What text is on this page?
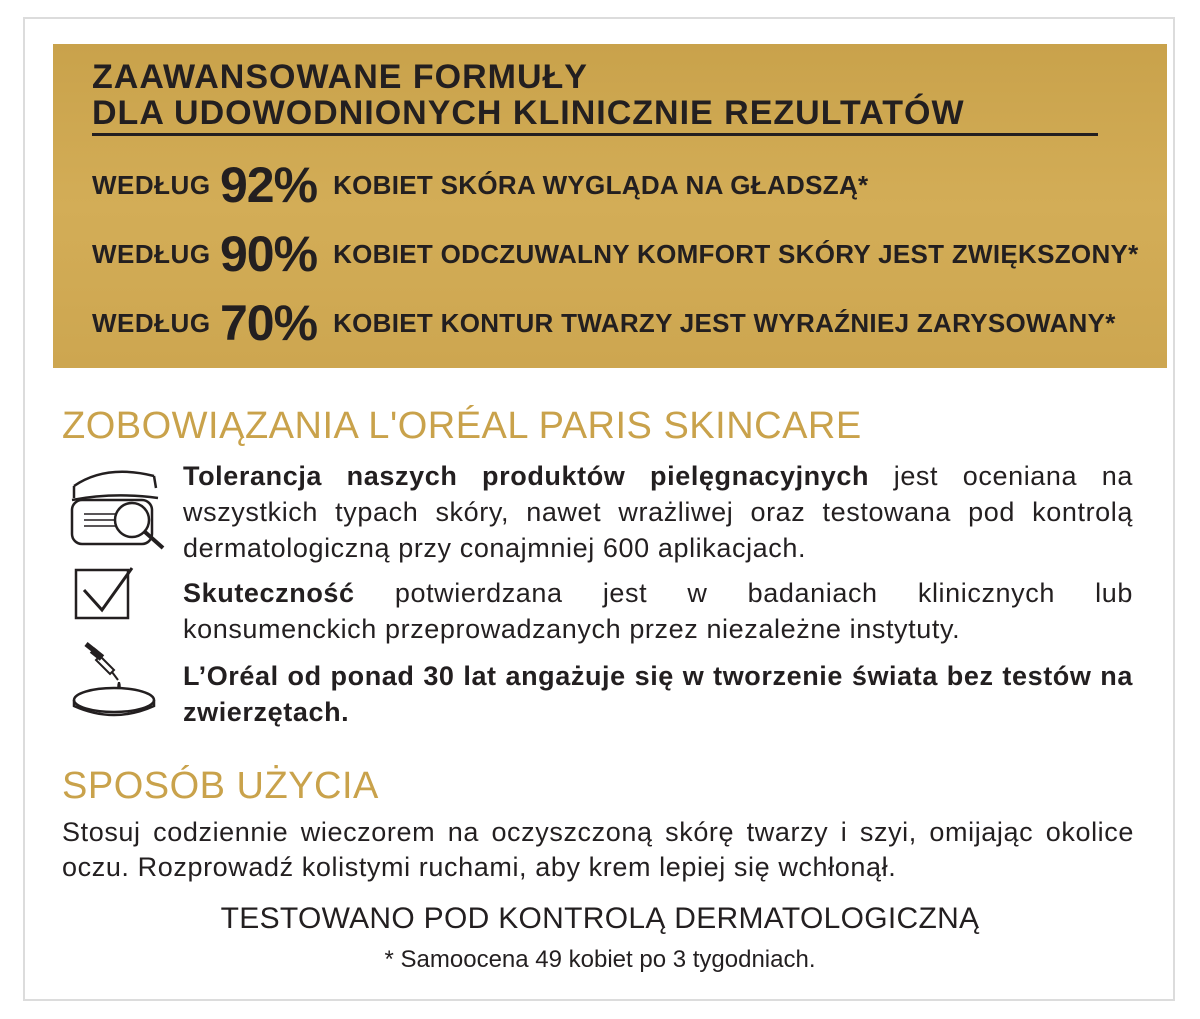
ZAAWANSOWANE FORMUŁY
DLA UDOWODNIONYCH KLINICZNIE REZULTATÓW
WEDŁUG 92% KOBIET SKÓRA WYGLĄDA NA GŁADSZĄ*
WEDŁUG 90% KOBIET ODCZUWALNY KOMFORT SKÓRY JEST ZWIĘKSZONY*
WEDŁUG 70% KOBIET KONTUR TWARZY JEST WYRAŹNIEJ ZARYSOWANY*
ZOBOWIĄZANIA L'ORÉAL PARIS SKINCARE
Tolerancja naszych produktów pielęgnacyjnych jest oceniana na wszystkich typach skóry, nawet wrażliwej oraz testowana pod kontrolą dermatologiczną przy conajmniej 600 aplikacjach.
Skuteczność potwierdzana jest w badaniach klinicznych lub konsumenckich przeprowadzanych przez niezależne instytuty.
L’Oréal od ponad 30 lat angażuje się w tworzenie świata bez testów na zwierzętach.
SPOSÓB UŻYCIA
Stosuj codziennie wieczorem na oczyszczoną skórę twarzy i szyi, omijając okolice oczu. Rozprowadź kolistymi ruchami, aby krem lepiej się wchłonął.
TESTOWANO POD KONTROLĄ DERMATOLOGICZNĄ
* Samoocena 49 kobiet po 3 tygodniach.
